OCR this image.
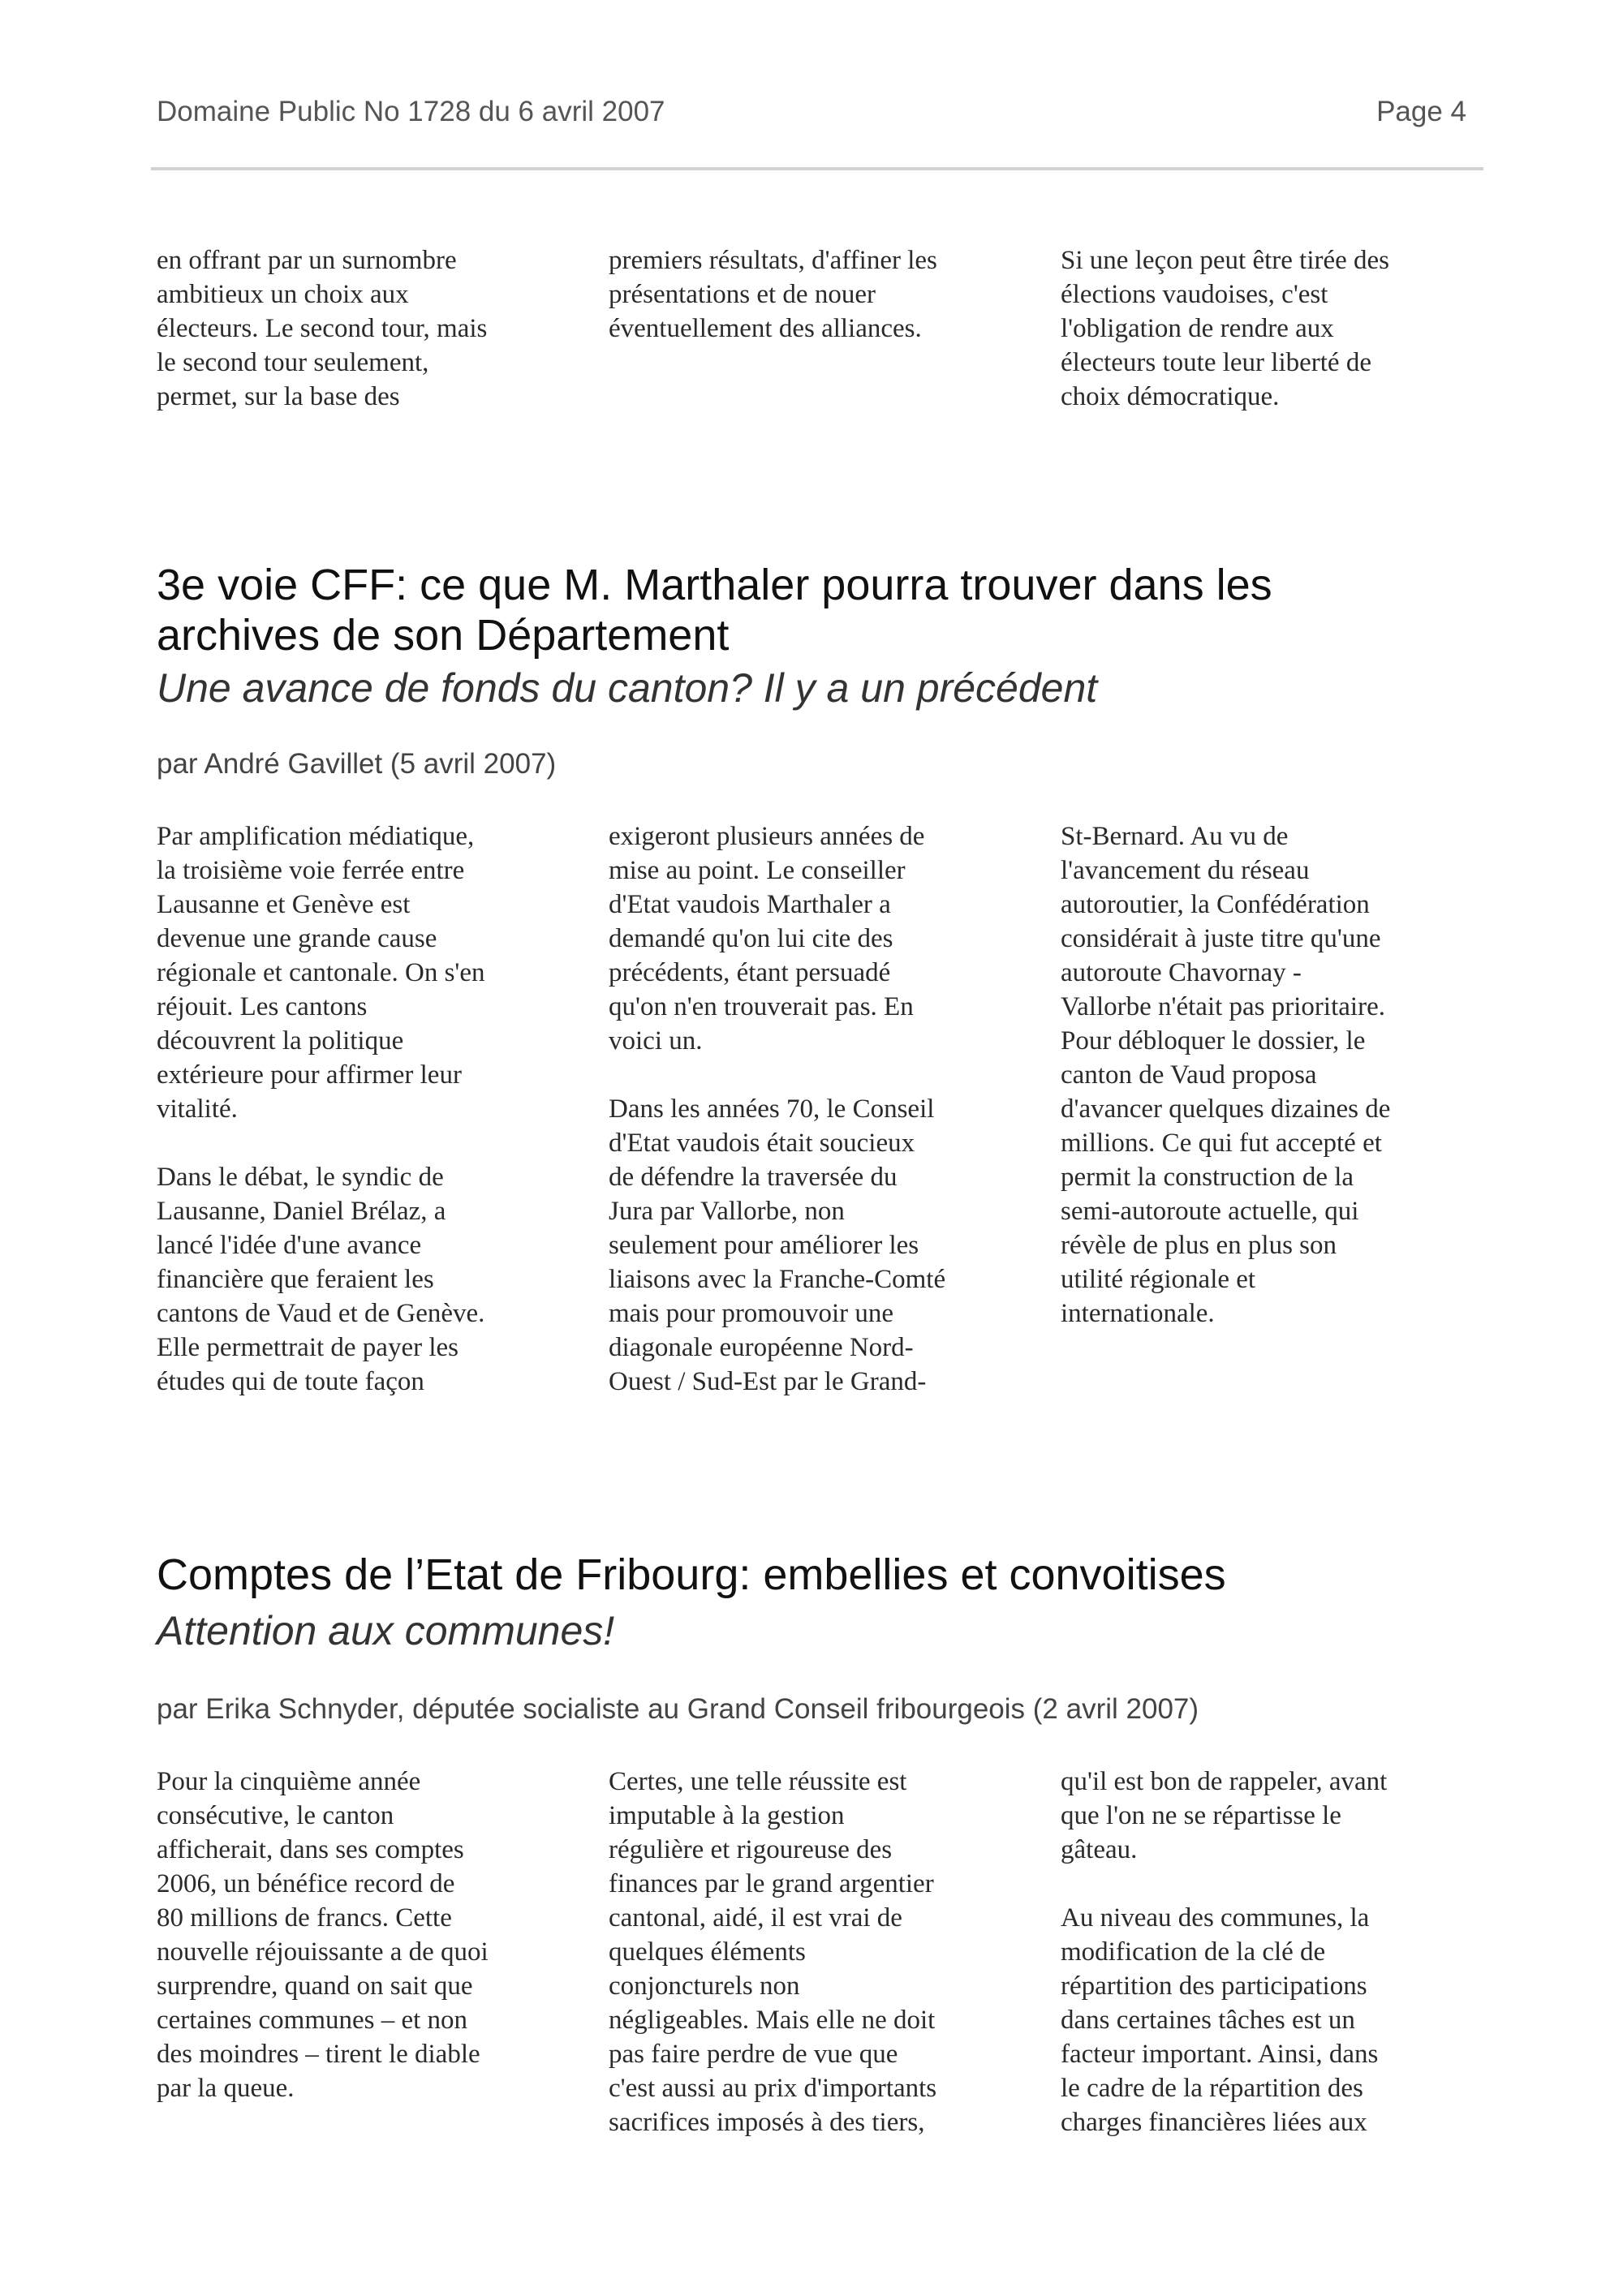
Domaine Public No 1728 du 6 avril 2007	Page 4

en offrant par un surnombre
ambitieux un choix aux
électeurs. Le second tour, mais
le second tour seulement,
permet, sur la base des

premiers résultats, d'affiner les
présentations et de nouer
éventuellement des alliances.

Si une leçon peut être tirée des
élections vaudoises, c'est
l'obligation de rendre aux
électeurs toute leur liberté de
choix démocratique.

3e voie CFF: ce que M. Marthaler pourra trouver dans les
archives de son Département
Une avance de fonds du canton? Il y a un précédent
par André Gavillet (5 avril 2007)

Par amplification médiatique,
la troisième voie ferrée entre
Lausanne et Genève est
devenue une grande cause
régionale et cantonale. On s'en
réjouit. Les cantons
découvrent la politique
extérieure pour affirmer leur
vitalité.

Dans le débat, le syndic de
Lausanne, Daniel Brélaz, a
lancé l'idée d'une avance
financière que feraient les
cantons de Vaud et de Genève.
Elle permettrait de payer les
études qui de toute façon

exigeront plusieurs années de
mise au point. Le conseiller
d'Etat vaudois Marthaler a
demandé qu'on lui cite des
précédents, étant persuadé
qu'on n'en trouverait pas. En
voici un.

Dans les années 70, le Conseil
d'Etat vaudois était soucieux
de défendre la traversée du
Jura par Vallorbe, non
seulement pour améliorer les
liaisons avec la Franche-Comté
mais pour promouvoir une
diagonale européenne Nord-
Ouest / Sud-Est par le Grand-

St-Bernard. Au vu de
l'avancement du réseau
autoroutier, la Confédération
considérait à juste titre qu'une
autoroute Chavornay -
Vallorbe n'était pas prioritaire.
Pour débloquer le dossier, le
canton de Vaud proposa
d'avancer quelques dizaines de
millions. Ce qui fut accepté et
permit la construction de la
semi-autoroute actuelle, qui
révèle de plus en plus son
utilité régionale et
internationale.

Comptes de l’Etat de Fribourg: embellies et convoitises
Attention aux communes!
par Erika Schnyder, députée socialiste au Grand Conseil fribourgeois (2 avril 2007)

Pour la cinquième année
consécutive, le canton
afficherait, dans ses comptes
2006, un bénéfice record de
80 millions de francs. Cette
nouvelle réjouissante a de quoi
surprendre, quand on sait que
certaines communes – et non
des moindres – tirent le diable
par la queue.

Certes, une telle réussite est
imputable à la gestion
régulière et rigoureuse des
finances par le grand argentier
cantonal, aidé, il est vrai de
quelques éléments
conjoncturels non
négligeables. Mais elle ne doit
pas faire perdre de vue que
c'est aussi au prix d'importants
sacrifices imposés à des tiers,

qu'il est bon de rappeler, avant
que l'on ne se répartisse le
gâteau.

Au niveau des communes, la
modification de la clé de
répartition des participations
dans certaines tâches est un
facteur important. Ainsi, dans
le cadre de la répartition des
charges financières liées aux
